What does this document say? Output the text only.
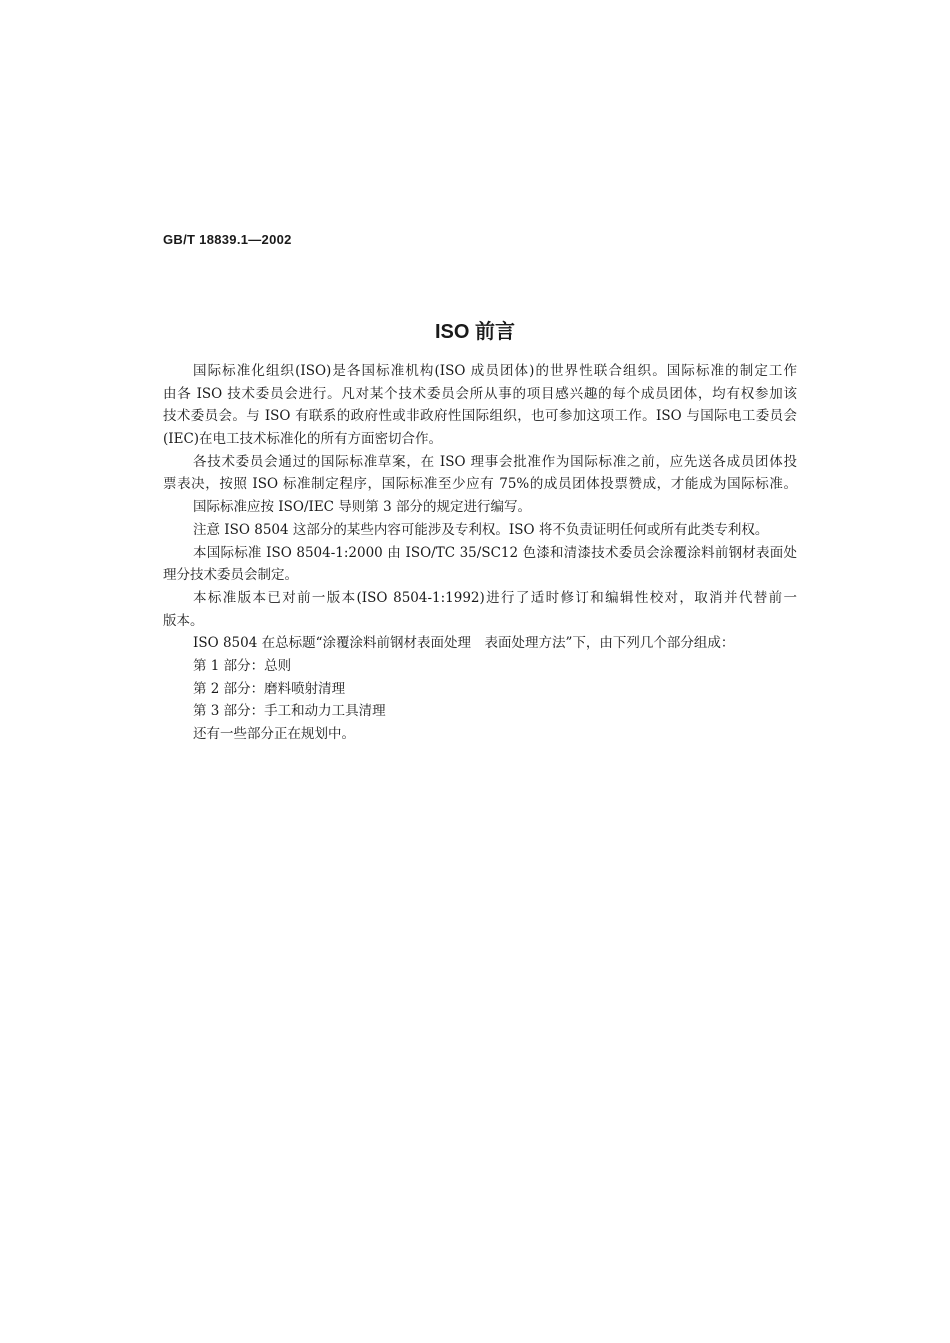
GB/T 18839.1—2002
ISO 前言
国际标准化组织(ISO)是各国标准机构(ISO 成员团体)的世界性联合组织。国际标准的制定工作
由各 ISO 技术委员会进行。凡对某个技术委员会所从事的项目感兴趣的每个成员团体，均有权参加该
技术委员会。与 ISO 有联系的政府性或非政府性国际组织，也可参加这项工作。ISO 与国际电工委员会
(IEC)在电工技术标准化的所有方面密切合作。
各技术委员会通过的国际标准草案，在 ISO 理事会批准作为国际标准之前，应先送各成员团体投
票表决，按照 ISO 标准制定程序，国际标准至少应有 75%的成员团体投票赞成，才能成为国际标准。
国际标准应按 ISO/IEC 导则第 3 部分的规定进行编写。
注意 ISO 8504 这部分的某些内容可能涉及专利权。ISO 将不负责证明任何或所有此类专利权。
本国际标准 ISO 8504-1:2000 由 ISO/TC 35/SC12 色漆和清漆技术委员会涂覆涂料前钢材表面处
理分技术委员会制定。
本标准版本已对前一版本(ISO 8504-1:1992)进行了适时修订和编辑性校对，取消并代替前一
版本。
ISO 8504 在总标题“涂覆涂料前钢材表面处理　表面处理方法”下，由下列几个部分组成：
第 1 部分：总则
第 2 部分：磨料喷射清理
第 3 部分：手工和动力工具清理
还有一些部分正在规划中。
